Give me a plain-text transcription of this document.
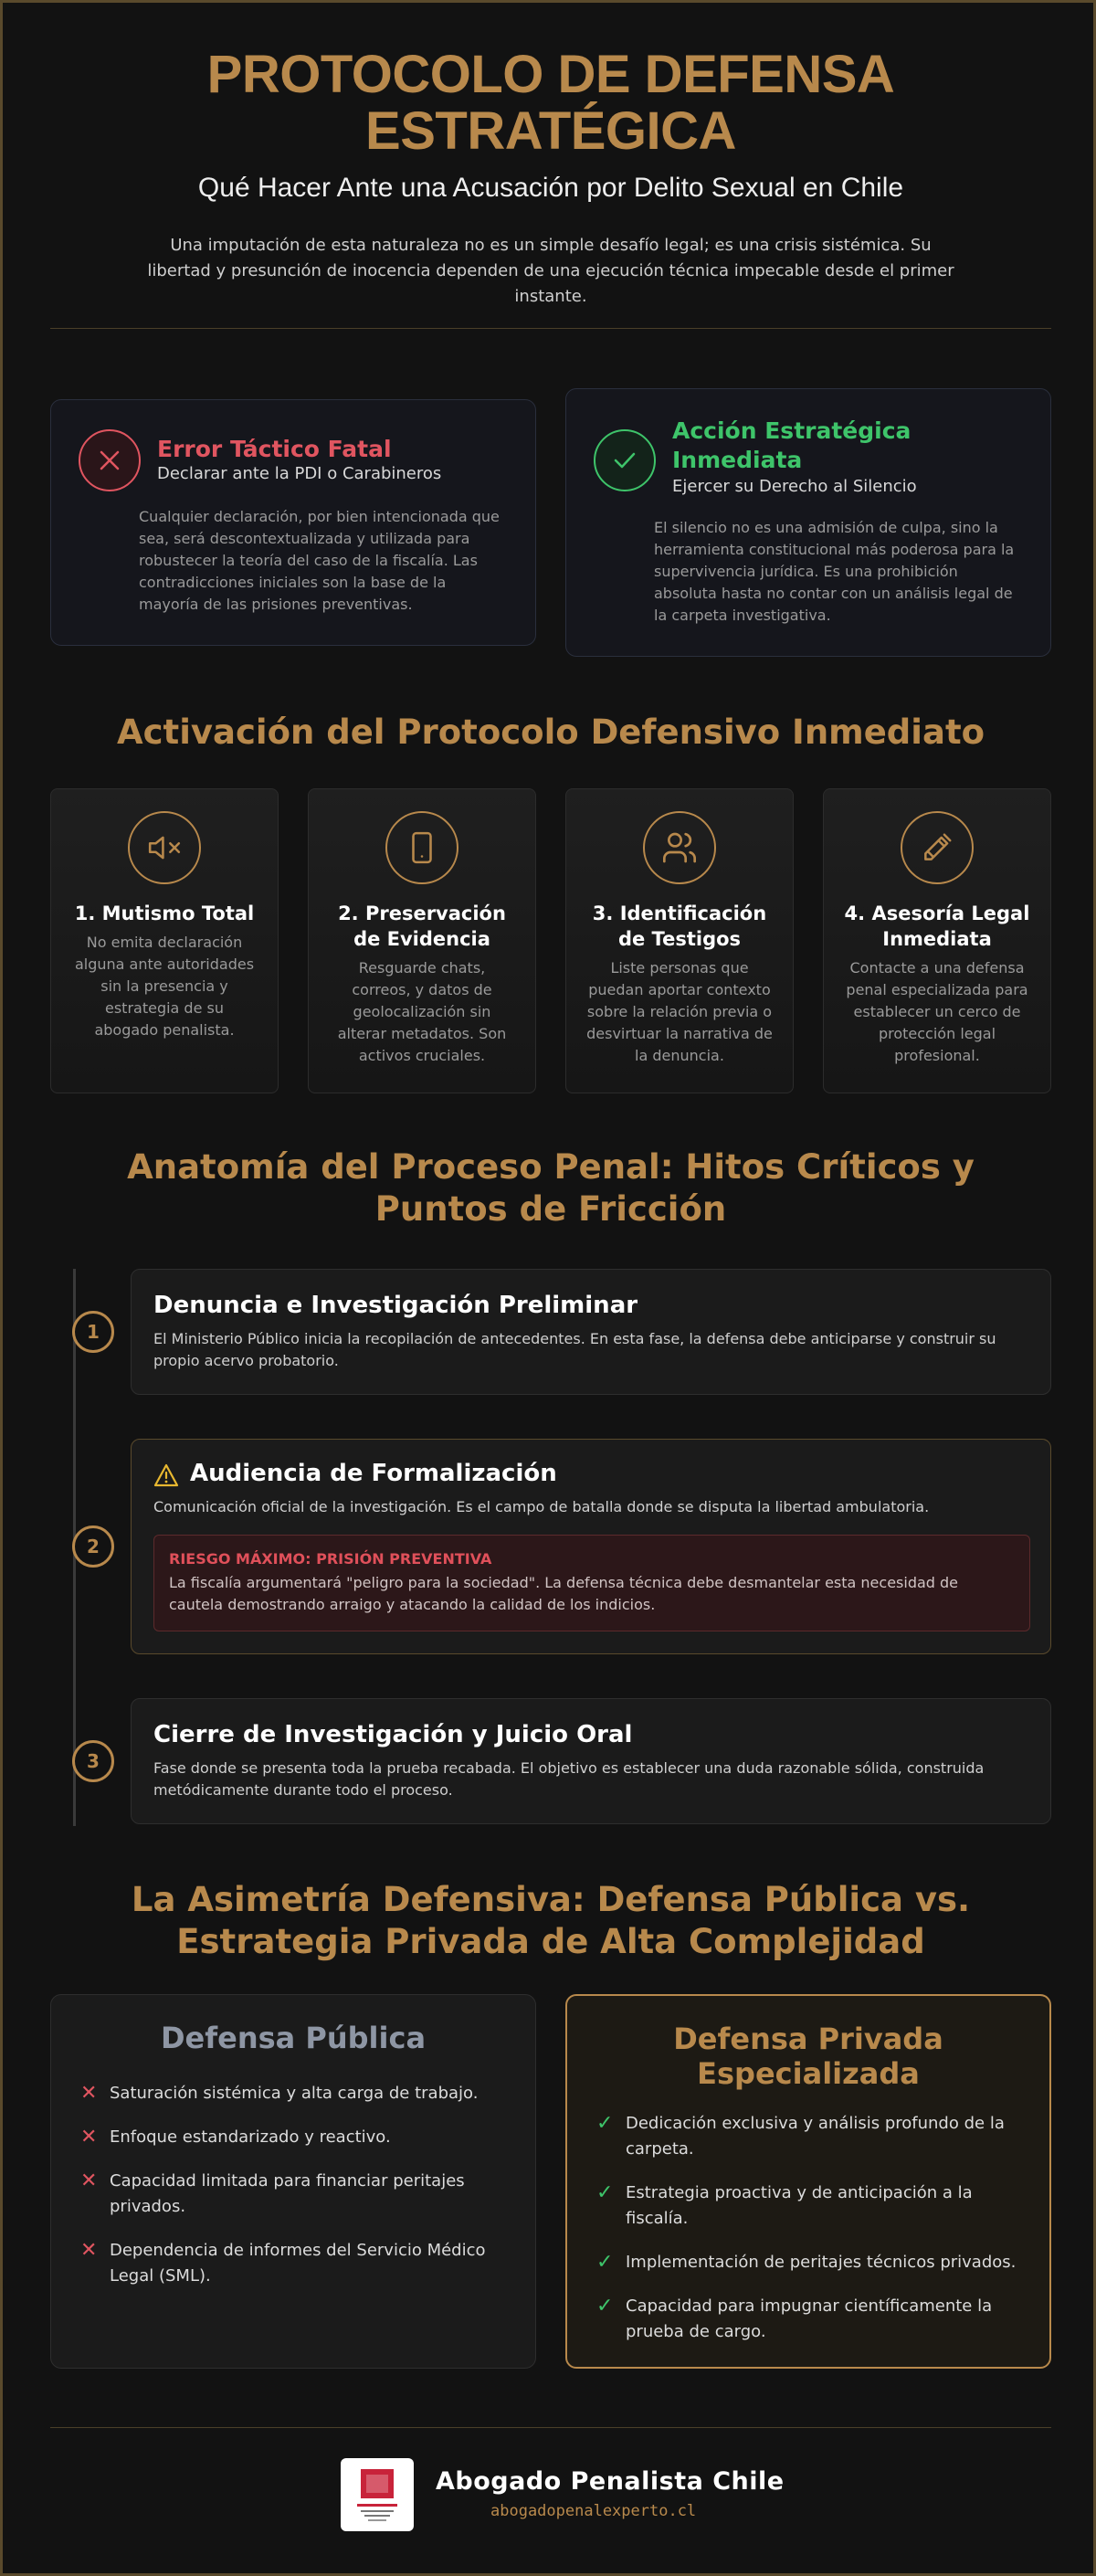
PROTOCOLO DE DEFENSA ESTRATÉGICA
Qué Hacer Ante una Acusación por Delito Sexual en Chile
Una imputación de esta naturaleza no es un simple desafío legal; es una crisis sistémica. Su libertad y presunción de inocencia dependen de una ejecución técnica impecable desde el primer instante.
Error Táctico Fatal
Declarar ante la PDI o Carabineros
Cualquier declaración, por bien intencionada que sea, será descontextualizada y utilizada para robustecer la teoría del caso de la fiscalía. Las contradicciones iniciales son la base de la mayoría de las prisiones preventivas.
Acción Estratégica Inmediata
Ejercer su Derecho al Silencio
El silencio no es una admisión de culpa, sino la herramienta constitucional más poderosa para la supervivencia jurídica. Es una prohibición absoluta hasta no contar con un análisis legal de la carpeta investigativa.
Activación del Protocolo Defensivo Inmediato
1. Mutismo Total
No emita declaración alguna ante autoridades sin la presencia y estrategia de su abogado penalista.
2. Preservación de Evidencia
Resguarde chats, correos, y datos de geolocalización sin alterar metadatos. Son activos cruciales.
3. Identificación de Testigos
Liste personas que puedan aportar contexto sobre la relación previa o desvirtuar la narrativa de la denuncia.
4. Asesoría Legal Inmediata
Contacte a una defensa penal especializada para establecer un cerco de protección legal profesional.
Anatomía del Proceso Penal: Hitos Críticos y Puntos de Fricción
1
Denuncia e Investigación Preliminar
El Ministerio Público inicia la recopilación de antecedentes. En esta fase, la defensa debe anticiparse y construir su propio acervo probatorio.
2
Audiencia de Formalización
Comunicación oficial de la investigación. Es el campo de batalla donde se disputa la libertad ambulatoria.
RIESGO MÁXIMO: PRISIÓN PREVENTIVA
La fiscalía argumentará "peligro para la sociedad". La defensa técnica debe desmantelar esta necesidad de cautela demostrando arraigo y atacando la calidad de los indicios.
3
Cierre de Investigación y Juicio Oral
Fase donde se presenta toda la prueba recabada. El objetivo es establecer una duda razonable sólida, construida metódicamente durante todo el proceso.
La Asimetría Defensiva: Defensa Pública vs. Estrategia Privada de Alta Complejidad
Defensa Pública
✕ Saturación sistémica y alta carga de trabajo.
✕ Enfoque estandarizado y reactivo.
✕ Capacidad limitada para financiar peritajes privados.
✕ Dependencia de informes del Servicio Médico Legal (SML).
Defensa Privada Especializada
✓ Dedicación exclusiva y análisis profundo de la carpeta.
✓ Estrategia proactiva y de anticipación a la fiscalía.
✓ Implementación de peritajes técnicos privados.
✓ Capacidad para impugnar científicamente la prueba de cargo.
Abogado Penalista Chile
abogadopenalexperto.cl
